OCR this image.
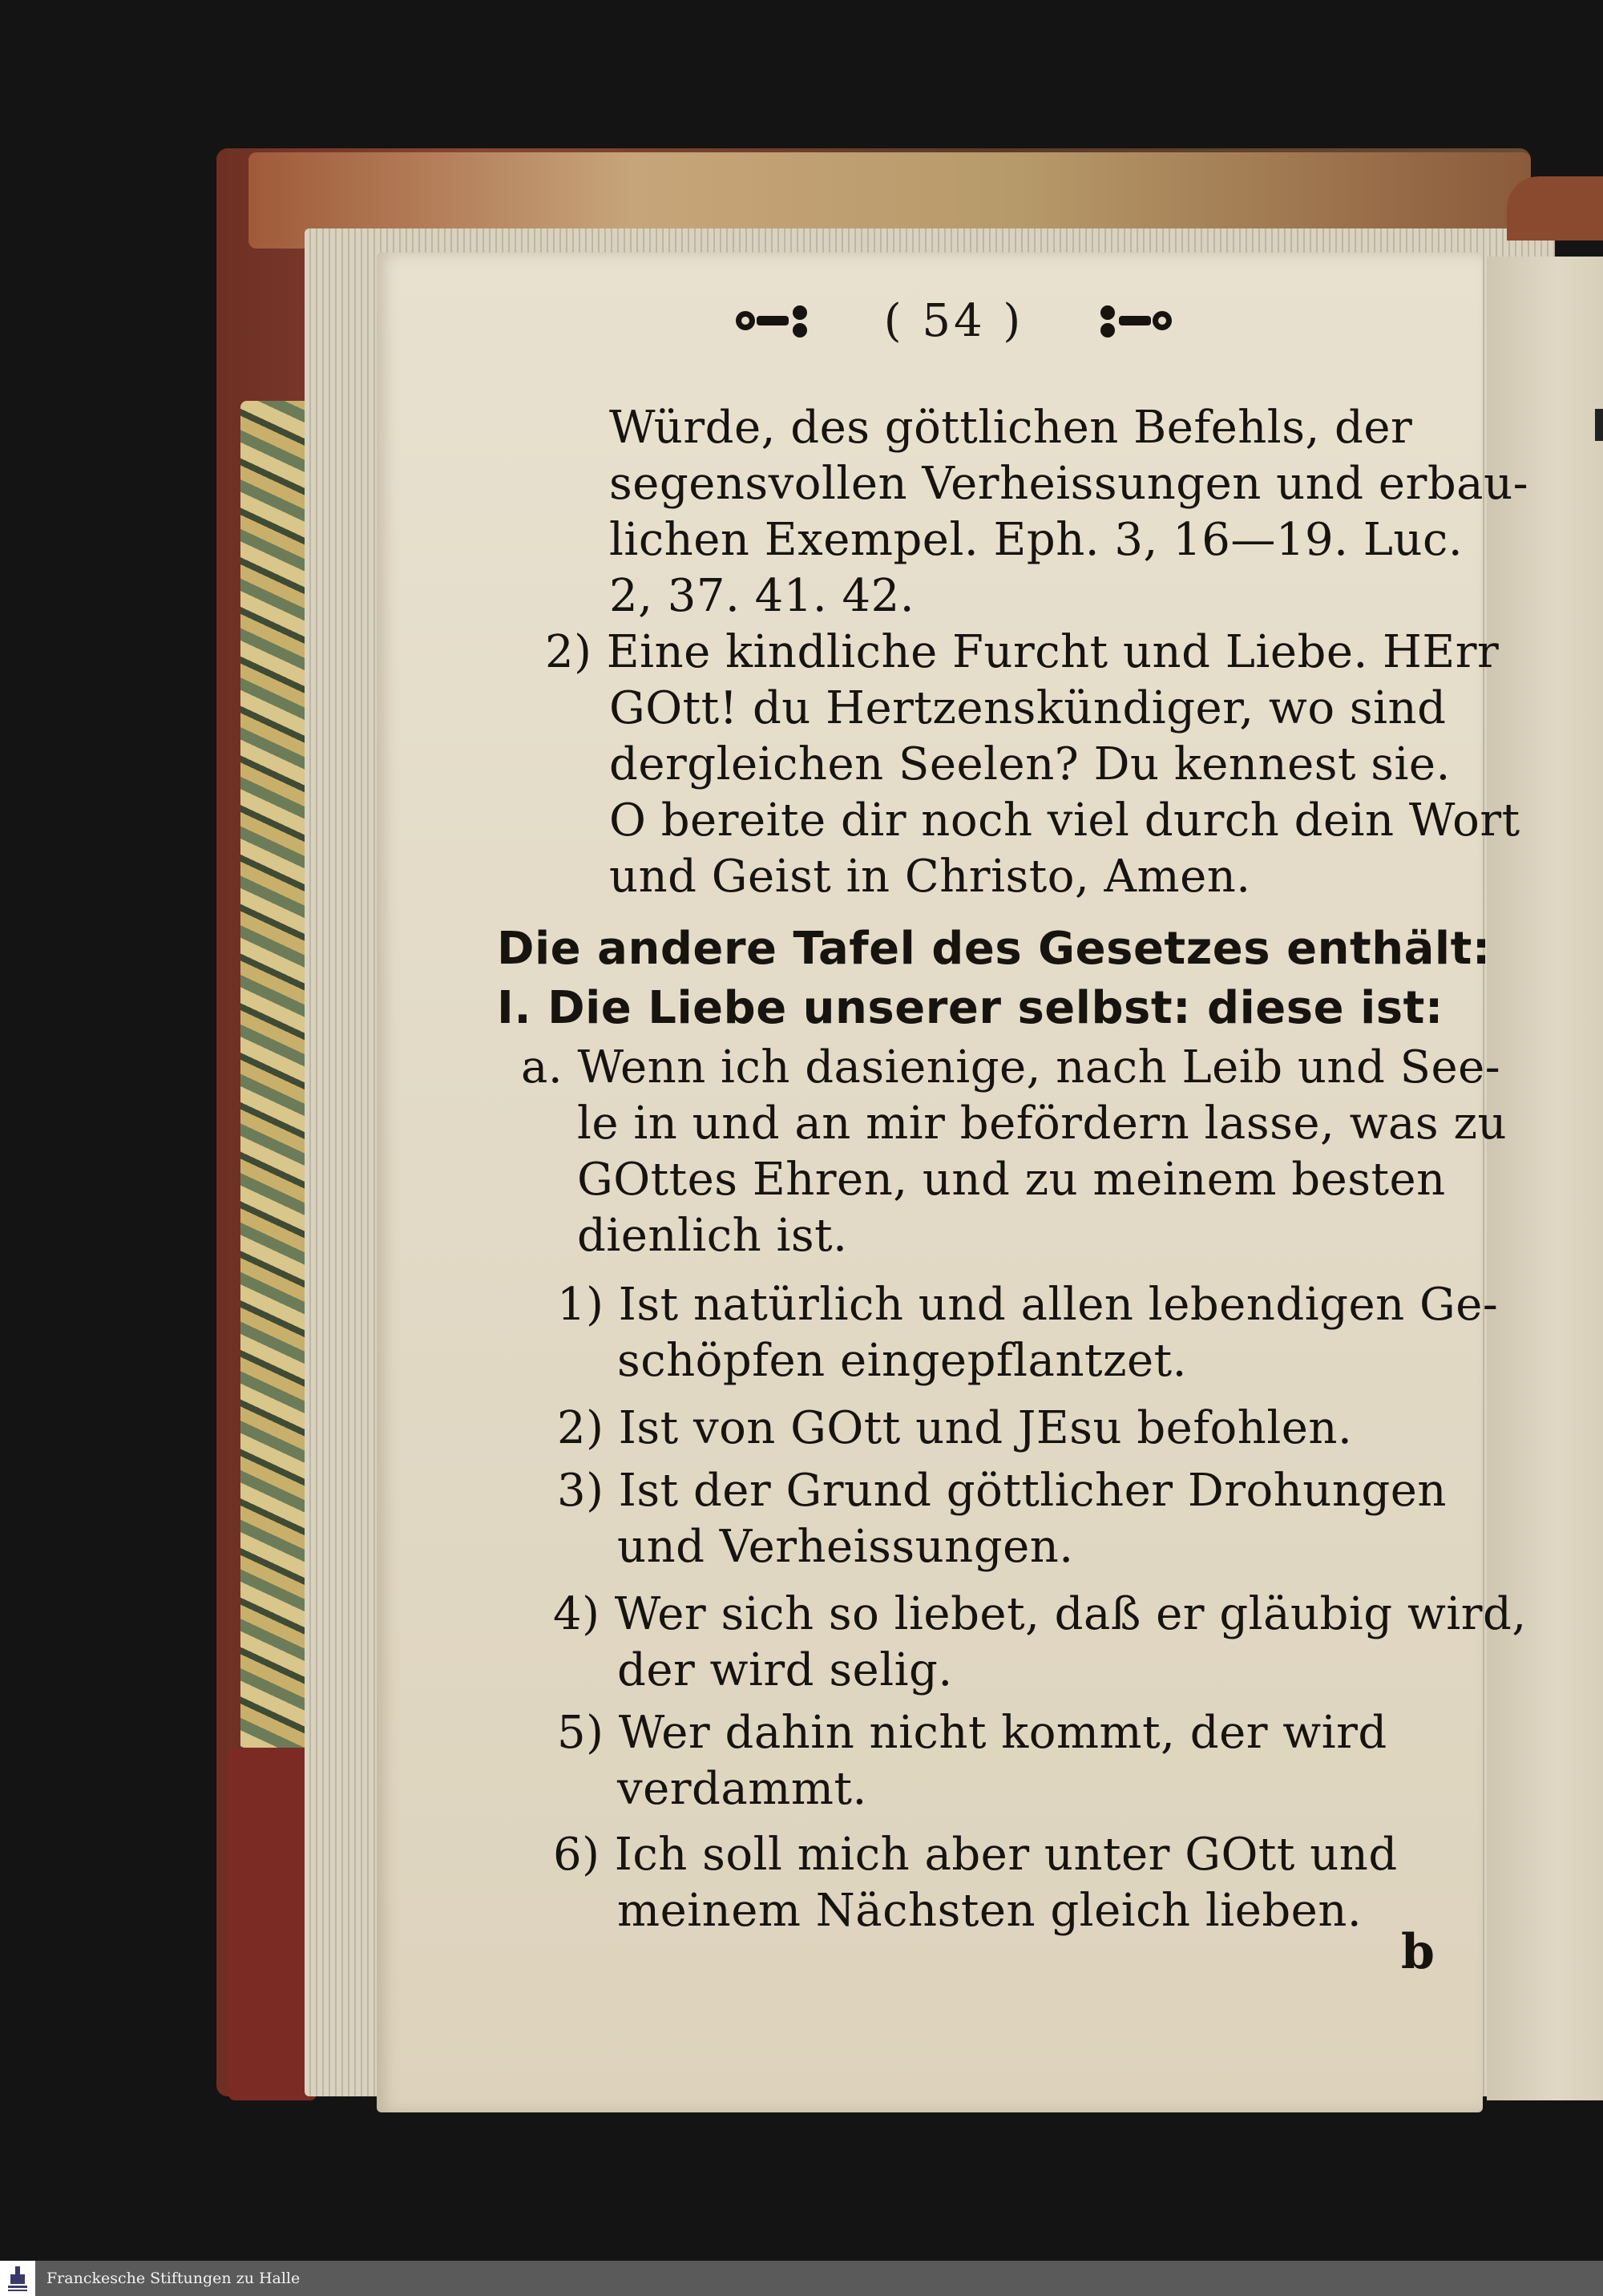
( 54 )
Würde, des göttlichen Befehls, der
segensvollen Verheissungen und erbau-
lichen Exempel. Eph. 3, 16—19. Luc.
2, 37. 41. 42.
2) Eine kindliche Furcht und Liebe. HErr
GOtt! du Hertzenskündiger, wo sind
dergleichen Seelen? Du kennest sie.
O bereite dir noch viel durch dein Wort
und Geist in Christo, Amen.
Die andere Tafel des Gesetzes enthält:
I. Die Liebe unserer selbst: diese ist:
a. Wenn ich dasienige, nach Leib und See-
le in und an mir befördern lasse, was zu
GOttes Ehren, und zu meinem besten
dienlich ist.
1) Ist natürlich und allen lebendigen Ge-
schöpfen eingepflantzet.
2) Ist von GOtt und JEsu befohlen.
3) Ist der Grund göttlicher Drohungen
und Verheissungen.
4) Wer sich so liebet, daß er gläubig wird,
der wird selig.
5) Wer dahin nicht kommt, der wird
verdammt.
6) Ich soll mich aber unter GOtt und
meinem Nächsten gleich lieben.
b
Franckesche Stiftungen zu Halle
